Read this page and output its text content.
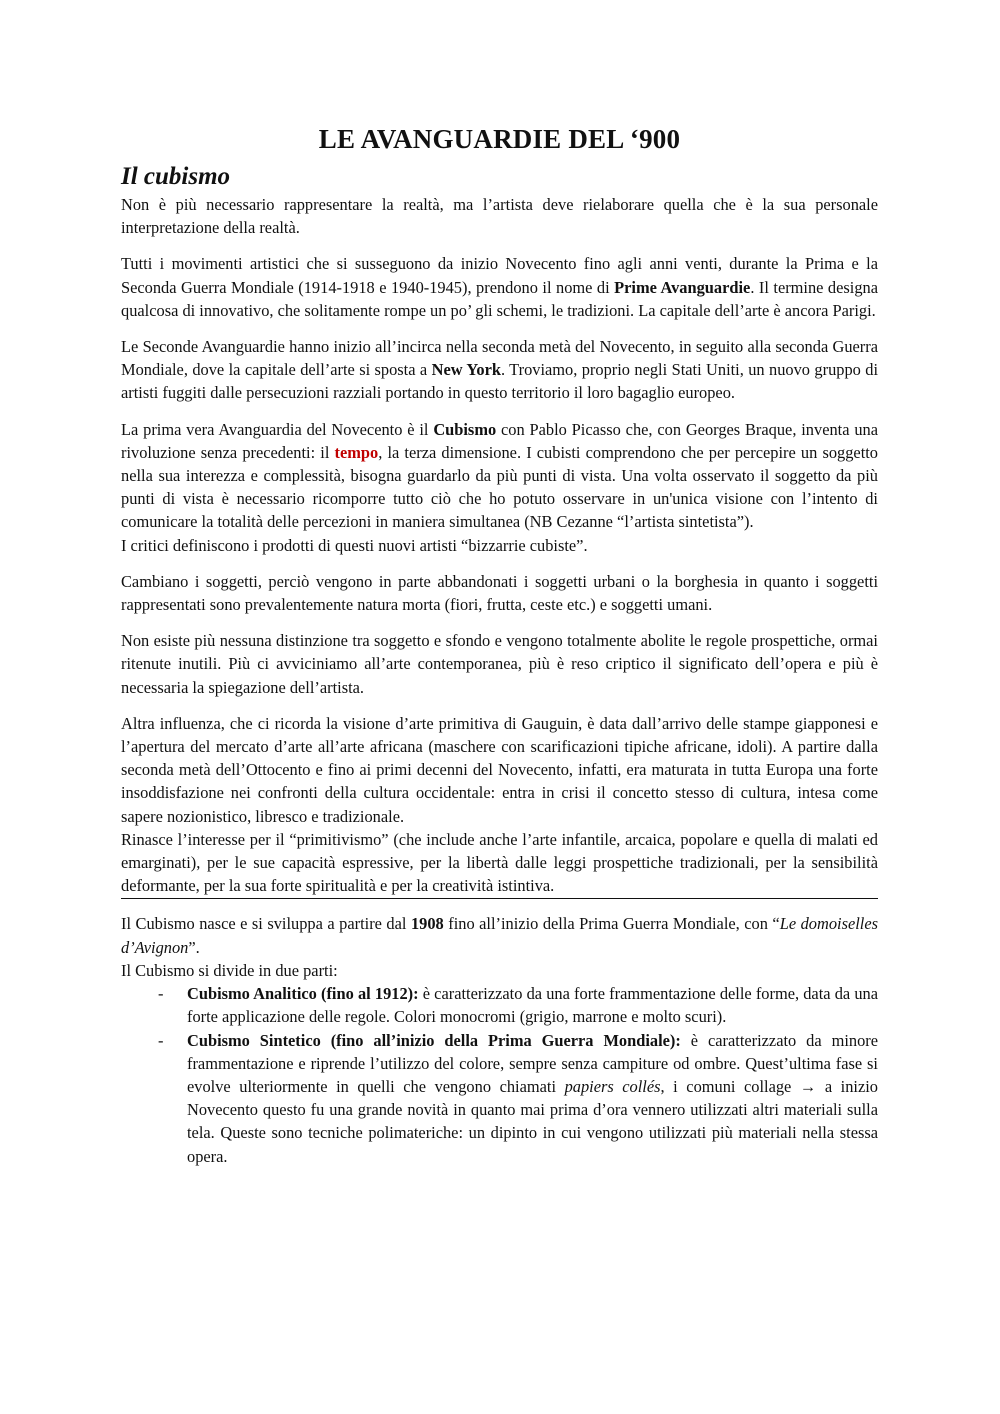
LE AVANGUARDIE DEL ‘900
Il cubismo

Non è più necessario rappresentare la realtà, ma l’artista deve rielaborare quella che è la sua personale interpretazione della realtà.

Tutti i movimenti artistici che si susseguono da inizio Novecento fino agli anni venti, durante la Prima e la Seconda Guerra Mondiale (1914-1918 e 1940-1945), prendono il nome di Prime Avanguardie. Il termine designa qualcosa di innovativo, che solitamente rompe un po’ gli schemi, le tradizioni. La capitale dell’arte è ancora Parigi.

Le Seconde Avanguardie hanno inizio all’incirca nella seconda metà del Novecento, in seguito alla seconda Guerra Mondiale, dove la capitale dell’arte si sposta a New York. Troviamo, proprio negli Stati Uniti, un nuovo gruppo di artisti fuggiti dalle persecuzioni razziali portando in questo territorio il loro bagaglio europeo.

La prima vera Avanguardia del Novecento è il Cubismo con Pablo Picasso che, con Georges Braque, inventa una rivoluzione senza precedenti: il tempo, la terza dimensione. I cubisti comprendono che per percepire un soggetto nella sua interezza e complessità, bisogna guardarlo da più punti di vista. Una volta osservato il soggetto da più punti di vista è necessario ricomporre tutto ciò che ho potuto osservare in un'unica visione con l’intento di comunicare la totalità delle percezioni in maniera simultanea (NB Cezanne “l’artista sintetista”).
I critici definiscono i prodotti di questi nuovi artisti “bizzarrie cubiste”.

Cambiano i soggetti, perciò vengono in parte abbandonati i soggetti urbani o la borghesia in quanto i soggetti rappresentati sono prevalentemente natura morta (fiori, frutta, ceste etc.) e soggetti umani.

Non esiste più nessuna distinzione tra soggetto e sfondo e vengono totalmente abolite le regole prospettiche, ormai ritenute inutili. Più ci avviciniamo all’arte contemporanea, più è reso criptico il significato dell’opera e più è necessaria la spiegazione dell’artista.

Altra influenza, che ci ricorda la visione d’arte primitiva di Gauguin, è data dall’arrivo delle stampe giapponesi e l’apertura del mercato d’arte all’arte africana (maschere con scarificazioni tipiche africane, idoli). A partire dalla seconda metà dell’Ottocento e fino ai primi decenni del Novecento, infatti, era maturata in tutta Europa una forte insoddisfazione nei confronti della cultura occidentale: entra in crisi il concetto stesso di cultura, intesa come sapere nozionistico, libresco e tradizionale.
Rinasce l’interesse per il “primitivismo” (che include anche l’arte infantile, arcaica, popolare e quella di malati ed emarginati), per le sue capacità espressive, per la libertà dalle leggi prospettiche tradizionali, per la sensibilità deformante, per la sua forte spiritualità e per la creatività istintiva.

Il Cubismo nasce e si sviluppa a partire dal 1908 fino all’inizio della Prima Guerra Mondiale, con “Le domoiselles d’Avignon”.
Il Cubismo si divide in due parti:

- Cubismo Analitico (fino al 1912): è caratterizzato da una forte frammentazione delle forme, data da una forte applicazione delle regole. Colori monocromi (grigio, marrone e molto scuri).
- Cubismo Sintetico (fino all’inizio della Prima Guerra Mondiale): è caratterizzato da minore frammentazione e riprende l’utilizzo del colore, sempre senza campiture od ombre. Quest’ultima fase si evolve ulteriormente in quelli che vengono chiamati papiers collés, i comuni collage → a inizio Novecento questo fu una grande novità in quanto mai prima d’ora vennero utilizzati altri materiali sulla tela. Queste sono tecniche polimateriche: un dipinto in cui vengono utilizzati più materiali nella stessa opera.
